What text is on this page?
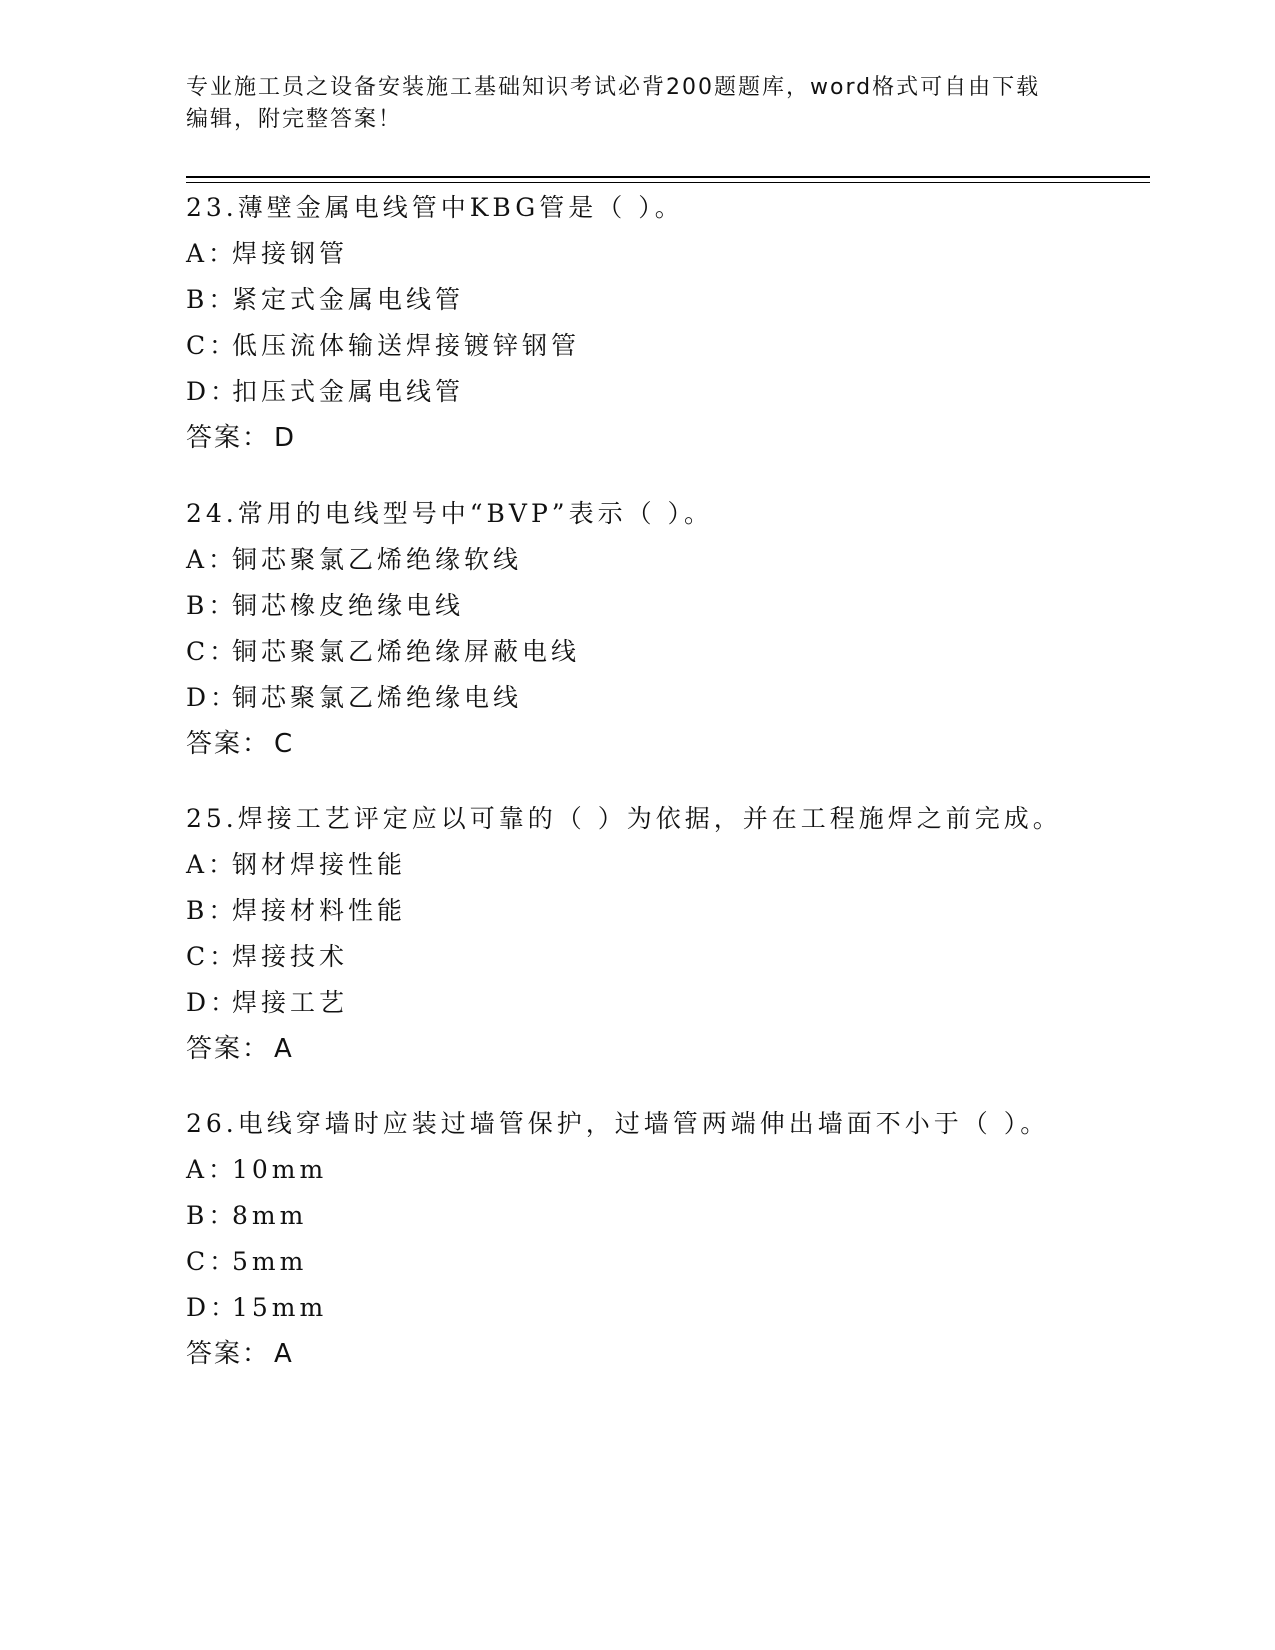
专业施工员之设备安装施工基础知识考试必背200题题库，word格式可自由下载
编辑，附完整答案！
23.薄壁金属电线管中KBG管是（ ）。
A：焊接钢管
B：紧定式金属电线管
C：低压流体输送焊接镀锌钢管
D：扣压式金属电线管
答案： D
24.常用的电线型号中“BVP”表示（ ）。
A：铜芯聚氯乙烯绝缘软线
B：铜芯橡皮绝缘电线
C：铜芯聚氯乙烯绝缘屏蔽电线
D：铜芯聚氯乙烯绝缘电线
答案： C
25.焊接工艺评定应以可靠的（ ）为依据，并在工程施焊之前完成。
A：钢材焊接性能
B：焊接材料性能
C：焊接技术
D：焊接工艺
答案： A
26.电线穿墙时应装过墙管保护，过墙管两端伸出墙面不小于（ ）。
A：10mm
B：8mm
C：5mm
D：15mm
答案： A
